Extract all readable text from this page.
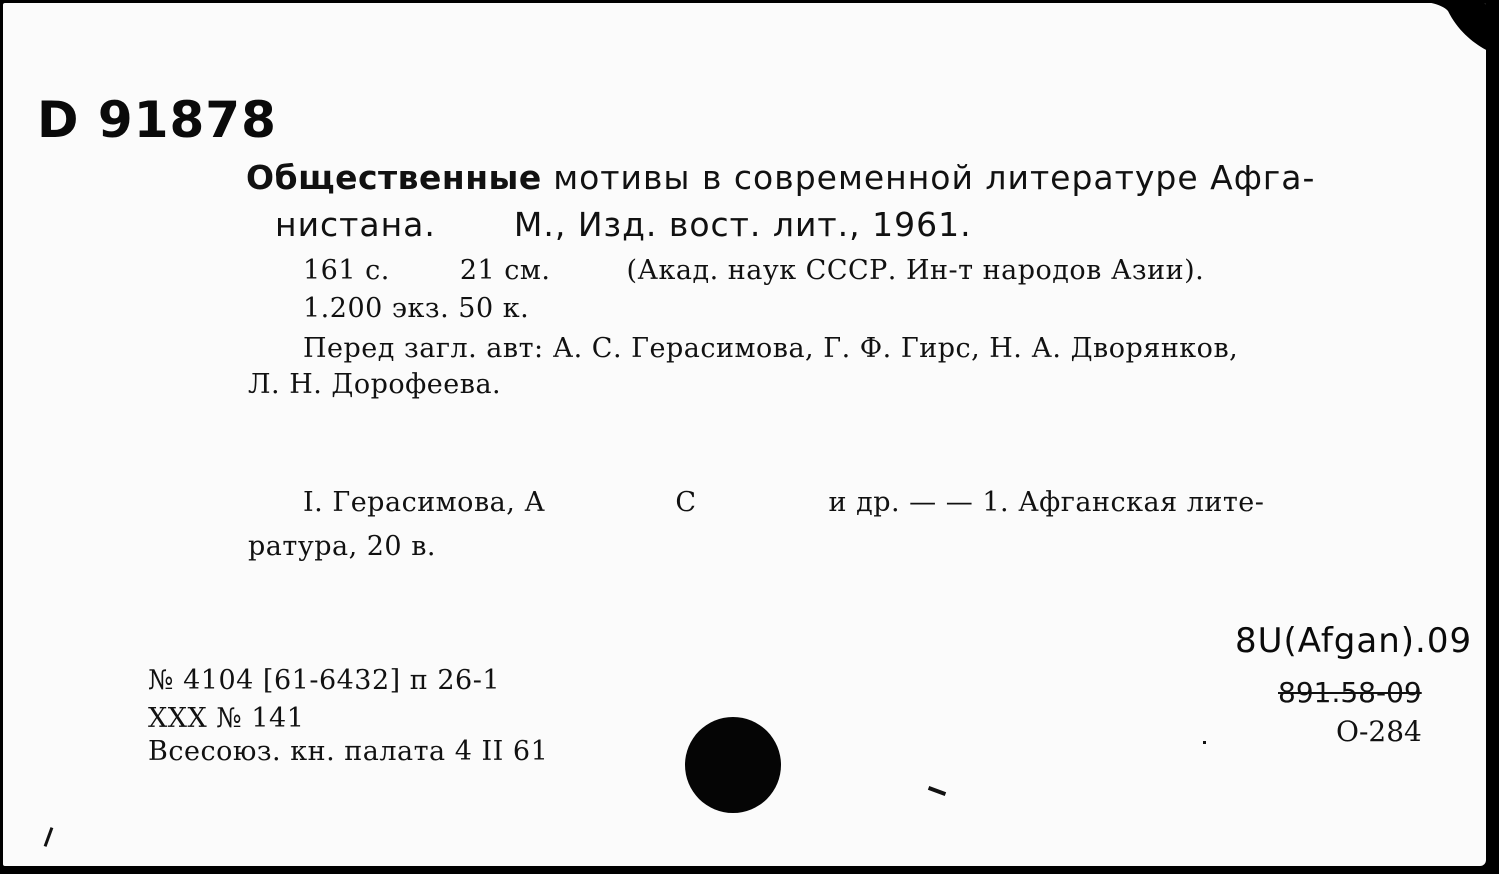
D 91878
Общественные мотивы в современной литературе Афга-
нистана. М., Изд. вост. лит., 1961.
161 с.	21 см.	(Акад. наук СССР. Ин-т народов Азии).
1.200 экз. 50 к.
Перед загл. авт: А. С. Герасимова, Г. Ф. Гирс, Н. А. Дворянков,
Л. Н. Дорофеева.
I. Герасимова, А	С	и др. — — 1. Афганская лите-
ратура, 20 в.
№ 4104 [61-6432] п 26-1
XXX № 141
Всесоюз. кн. палата 4 II 61
8U(Afgan).09
891.58-09
О-284
